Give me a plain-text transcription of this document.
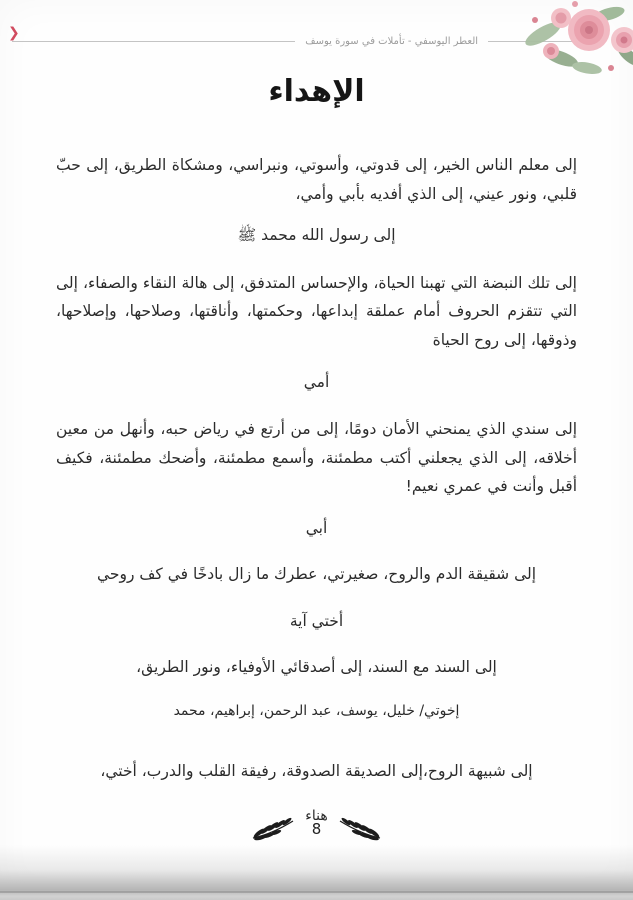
❯
العطر اليوسفي - تأملات في سورة يوسف
الإهداء

إلى معلم الناس الخير، إلى قدوتي، وأسوتي، ونبراسي، ومشكاة الطريق، إلى حبّ قلبي، ونور عيني، إلى الذي أفديه بأبي وأمي،

إلى رسول الله محمد ﷺ

إلى تلك النبضة التي تهبنا الحياة، والإحساس المتدفق، إلى هالة النقاء والصفاء، إلى التي تتقزم الحروف أمام عملقة إبداعها، وحكمتها، وأناقتها، وصلاحها، وإصلاحها، وذوقها، إلى روح الحياة

أمي

إلى سندي الذي يمنحني الأمان دومًا، إلى من أرتع في رياض حبه، وأنهل من معين أخلاقه، إلى الذي يجعلني أكتب مطمئنة، وأسمع مطمئنة، وأضحك مطمئنة، فكيف أقبل وأنت في عمري نعيم!

أبي

إلى شقيقة الدم والروح، صغيرتي، عطرك ما زال بادخًا في كف روحي

أختي آية

إلى السند مع السند، إلى أصدقائي الأوفياء، ونور الطريق،

إخوتي/ خليل، يوسف، عبد الرحمن، إبراهيم، محمد

إلى شبيهة الروح،إلى الصديقة الصدوقة، رفيقة القلب والدرب، أختي،

هناء

8
